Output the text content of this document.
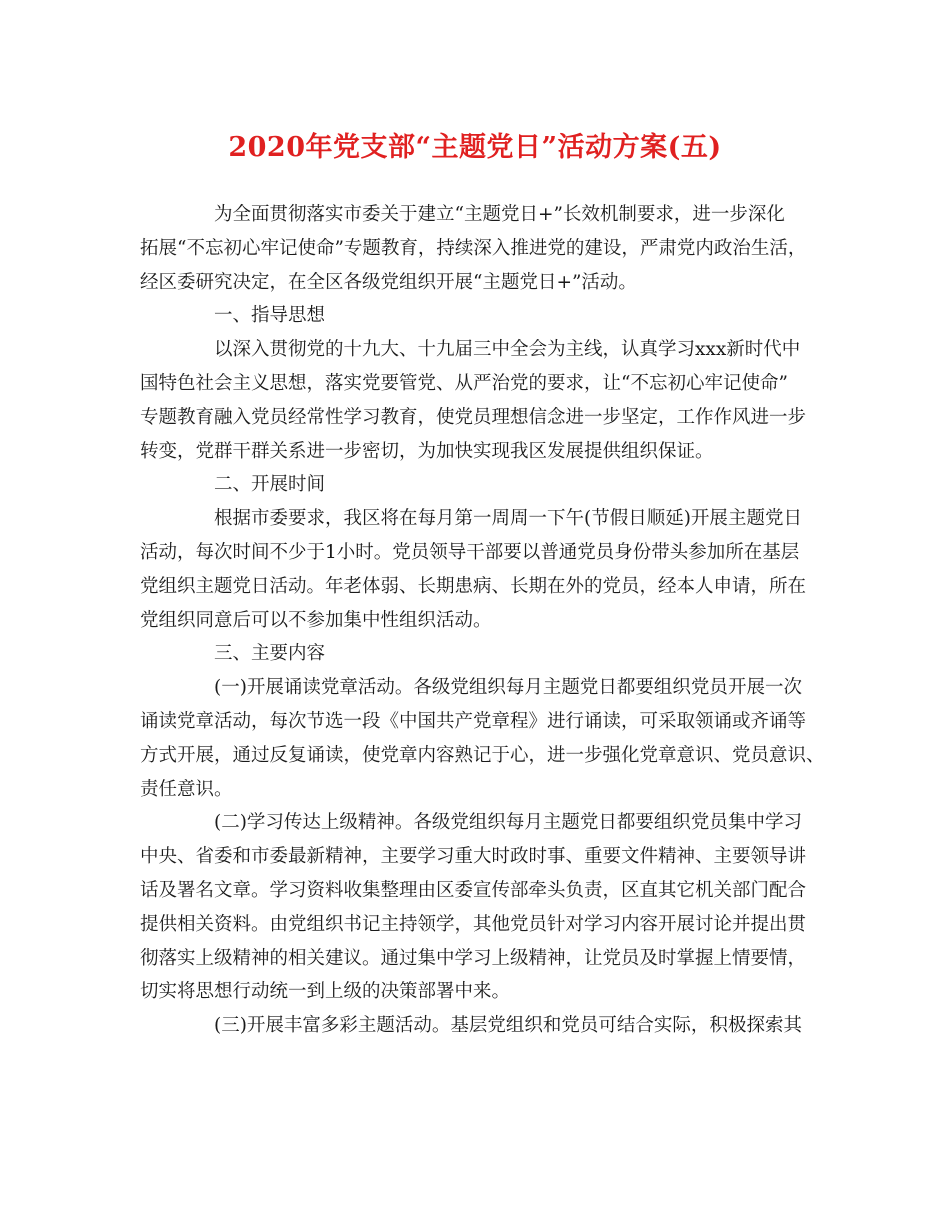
2020年党支部“主题党日”活动方案(五)
为全面贯彻落实市委关于建立“主题党日+”长效机制要求，进一步深化
拓展“不忘初心牢记使命”专题教育，持续深入推进党的建设，严肃党内政治生活，
经区委研究决定，在全区各级党组织开展“主题党日+”活动。
一、指导思想
以深入贯彻党的十九大、十九届三中全会为主线，认真学习xxx新时代中
国特色社会主义思想，落实党要管党、从严治党的要求，让“不忘初心牢记使命”
专题教育融入党员经常性学习教育，使党员理想信念进一步坚定，工作作风进一步
转变，党群干群关系进一步密切，为加快实现我区发展提供组织保证。
二、开展时间
根据市委要求，我区将在每月第一周周一下午(节假日顺延)开展主题党日
活动，每次时间不少于1小时。党员领导干部要以普通党员身份带头参加所在基层
党组织主题党日活动。年老体弱、长期患病、长期在外的党员，经本人申请，所在
党组织同意后可以不参加集中性组织活动。
三、主要内容
(一)开展诵读党章活动。各级党组织每月主题党日都要组织党员开展一次
诵读党章活动，每次节选一段《中国共产党章程》进行诵读，可采取领诵或齐诵等
方式开展，通过反复诵读，使党章内容熟记于心，进一步强化党章意识、党员意识、
责任意识。
(二)学习传达上级精神。各级党组织每月主题党日都要组织党员集中学习
中央、省委和市委最新精神，主要学习重大时政时事、重要文件精神、主要领导讲
话及署名文章。学习资料收集整理由区委宣传部牵头负责，区直其它机关部门配合
提供相关资料。由党组织书记主持领学，其他党员针对学习内容开展讨论并提出贯
彻落实上级精神的相关建议。通过集中学习上级精神，让党员及时掌握上情要情，
切实将思想行动统一到上级的决策部署中来。
(三)开展丰富多彩主题活动。基层党组织和党员可结合实际，积极探索其
